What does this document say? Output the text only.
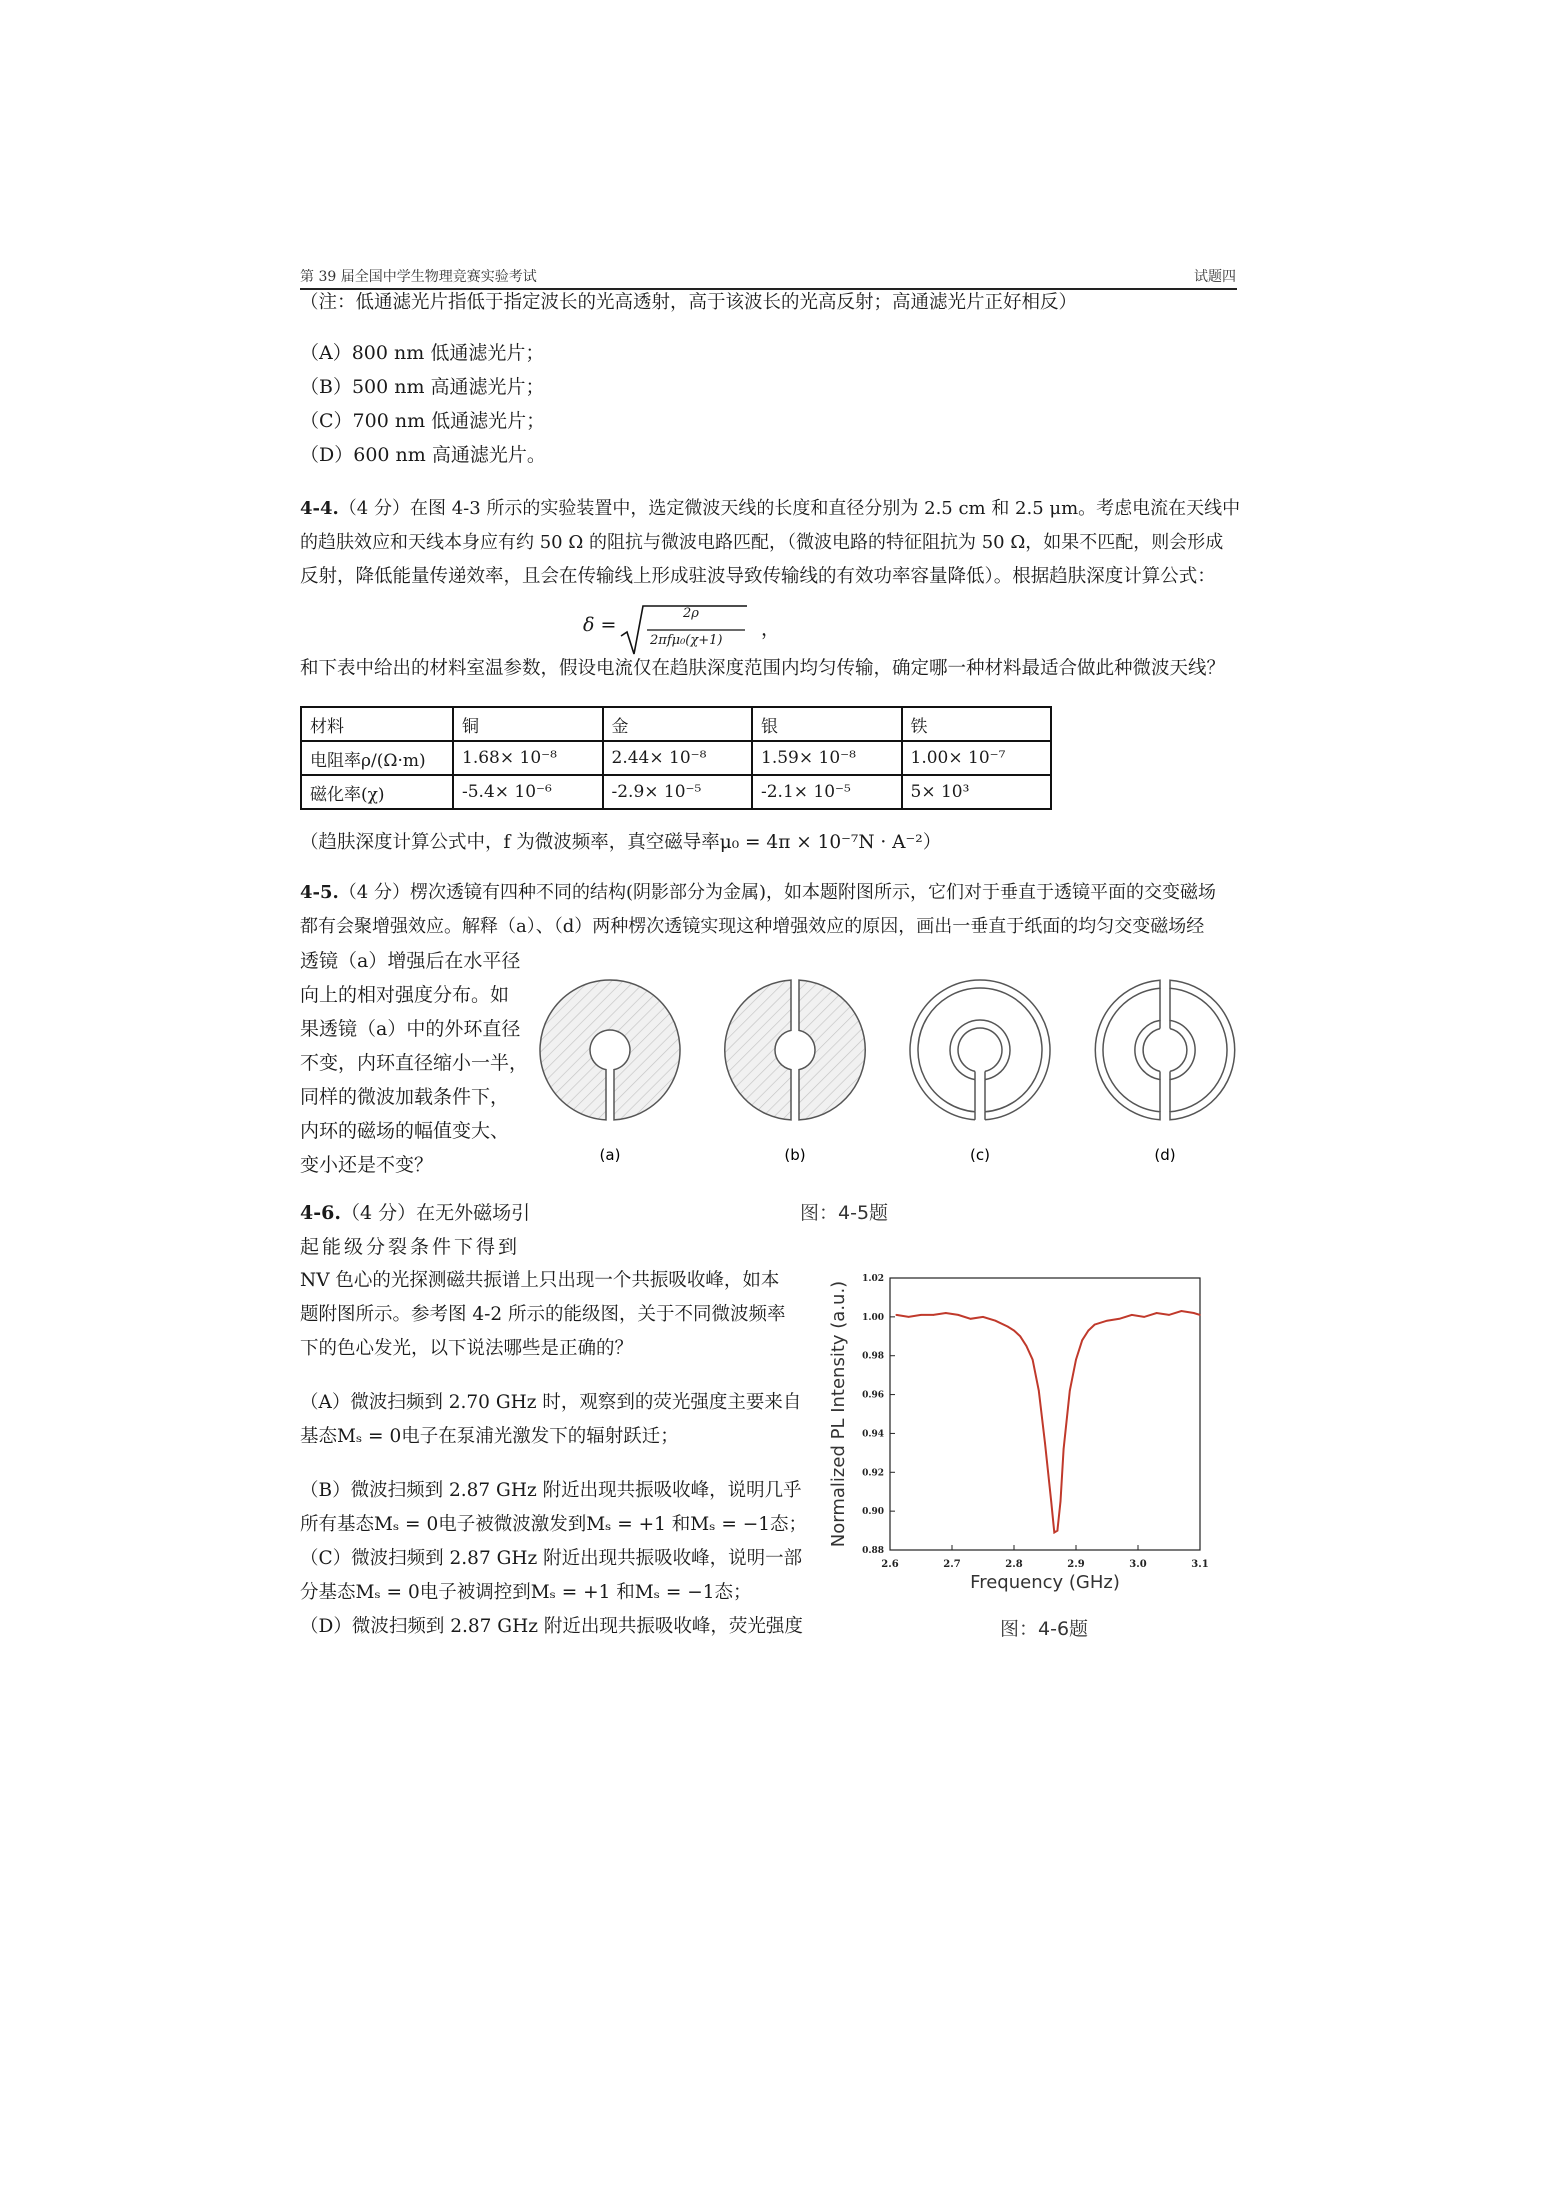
第 39 届全国中学生物理竞赛实验考试	试题四
（注：低通滤光片指低于指定波长的光高透射，高于该波长的光高反射；高通滤光片正好相反）
（A）800 nm 低通滤光片；
（B）500 nm 高通滤光片；
（C）700 nm 低通滤光片；
（D）600 nm 高通滤光片。
4-4.（4 分）在图 4-3 所示的实验装置中，选定微波天线的长度和直径分别为 2.5 cm 和 2.5 μm。考虑电流在天线中
的趋肤效应和天线本身应有约 50 Ω 的阻抗与微波电路匹配，（微波电路的特征阻抗为 50 Ω，如果不匹配，则会形成
反射，降低能量传递效率，且会在传输线上形成驻波导致传输线的有效功率容量降低）。根据趋肤深度计算公式：
δ =
2ρ
2πfμ₀(χ+1)
，
和下表中给出的材料室温参数，假设电流仅在趋肤深度范围内均匀传输，确定哪一种材料最适合做此种微波天线？
材料	铜	金	银	铁
电阻率ρ/(Ω·m)	1.68× 10⁻⁸	2.44× 10⁻⁸	1.59× 10⁻⁸	1.00× 10⁻⁷
磁化率(χ)	-5.4× 10⁻⁶	-2.9× 10⁻⁵	-2.1× 10⁻⁵	5× 10³
（趋肤深度计算公式中，f 为微波频率，真空磁导率μ₀ = 4π × 10⁻⁷N · A⁻²）
4-5.（4 分）楞次透镜有四种不同的结构(阴影部分为金属)，如本题附图所示，它们对于垂直于透镜平面的交变磁场
都有会聚增强效应。解释（a）、（d）两种楞次透镜实现这种增强效应的原因，画出一垂直于纸面的均匀交变磁场经
透镜（a）增强后在水平径
向上的相对强度分布。如
果透镜（a）中的外环直径
不变，内环直径缩小一半，
同样的微波加载条件下，
内环的磁场的幅值变大、
变小还是不变？	(a)	(b)	(c)	(d)
图：4-5题
4-6.（4 分）在无外磁场引
起能级分裂条件下得到
NV 色心的光探测磁共振谱上只出现一个共振吸收峰，如本
题附图所示。参考图 4-2 所示的能级图，关于不同微波频率
下的色心发光，以下说法哪些是正确的？
（A）微波扫频到 2.70 GHz 时，观察到的荧光强度主要来自
基态Mₛ = 0电子在泵浦光激发下的辐射跃迁；
（B）微波扫频到 2.87 GHz 附近出现共振吸收峰，说明几乎
所有基态Mₛ = 0电子被微波激发到Mₛ = +1 和Mₛ = −1态；
（C）微波扫频到 2.87 GHz 附近出现共振吸收峰，说明一部
分基态Mₛ = 0电子被调控到Mₛ = +1 和Mₛ = −1态；
（D）微波扫频到 2.87 GHz 附近出现共振吸收峰，荧光强度
2.6	2.7	2.8	2.9	3.0	3.1
0.88
0.90
0.92
0.94
0.96
0.98
1.00
1.02
Frequency (GHz)
Normalized PL Intensity (a.u.)
图：4-6题
